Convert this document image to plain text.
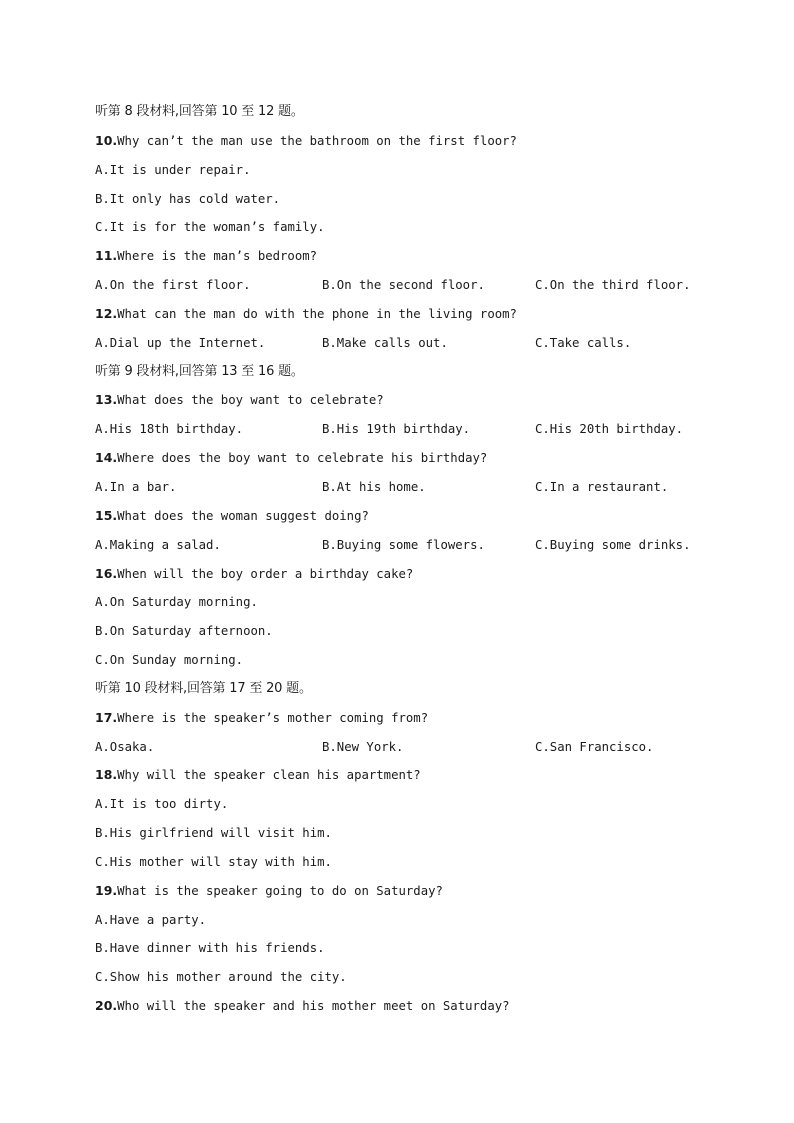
听第 8 段材料,回答第 10 至 12 题。
10.Why can’t the man use the bathroom on the first floor?
A.It is under repair.
B.It only has cold water.
C.It is for the woman’s family.
11.Where is the man’s bedroom?
A.On the first floor.	B.On the second floor.	C.On the third floor.
12.What can the man do with the phone in the living room?
A.Dial up the Internet.	B.Make calls out.	C.Take calls.
听第 9 段材料,回答第 13 至 16 题。
13.What does the boy want to celebrate?
A.His 18th birthday.	B.His 19th birthday.	C.His 20th birthday.
14.Where does the boy want to celebrate his birthday?
A.In a bar.	B.At his home.	C.In a restaurant.
15.What does the woman suggest doing?
A.Making a salad.	B.Buying some flowers.	C.Buying some drinks.
16.When will the boy order a birthday cake?
A.On Saturday morning.
B.On Saturday afternoon.
C.On Sunday morning.
听第 10 段材料,回答第 17 至 20 题。
17.Where is the speaker’s mother coming from?
A.Osaka.	B.New York.	C.San Francisco.
18.Why will the speaker clean his apartment?
A.It is too dirty.
B.His girlfriend will visit him.
C.His mother will stay with him.
19.What is the speaker going to do on Saturday?
A.Have a party.
B.Have dinner with his friends.
C.Show his mother around the city.
20.Who will the speaker and his mother meet on Saturday?
